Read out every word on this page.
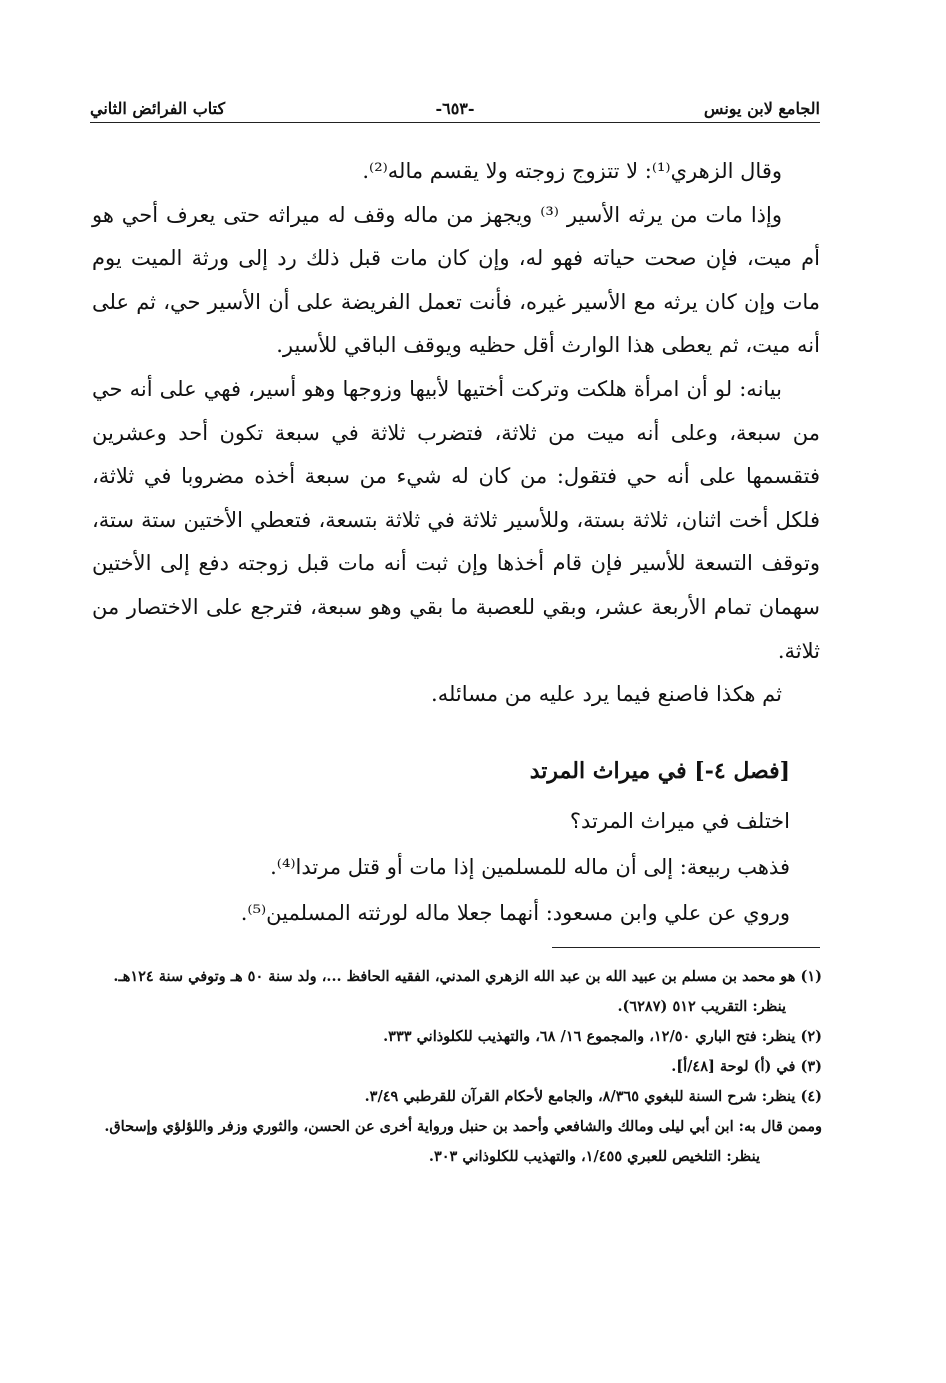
الجامع لابن يونس
-٦٥٣-
كتاب الفرائض الثاني

وقال الزهري⁽¹⁾: لا تتزوج زوجته ولا يقسم ماله⁽²⁾.

وإذا مات من يرثه الأسير ⁽³⁾ ويجهز من ماله وقف له ميراثه حتى يعرف أحي هو أم ميت، فإن صحت حياته فهو له، وإن كان مات قبل ذلك رد إلى ورثة الميت يوم مات وإن كان يرثه مع الأسير غيره، فأنت تعمل الفريضة على أن الأسير حي، ثم على أنه ميت، ثم يعطى هذا الوارث أقل حظيه ويوقف الباقي للأسير.

بيانه: لو أن امرأة هلكت وتركت أختيها لأبيها وزوجها وهو أسير، فهي على أنه حي من سبعة، وعلى أنه ميت من ثلاثة، فتضرب ثلاثة في سبعة تكون أحد وعشرين فتقسمها على أنه حي فتقول: من كان له شيء من سبعة أخذه مضروبا في ثلاثة، فلكل أخت اثنان، ثلاثة بستة، وللأسير ثلاثة في ثلاثة بتسعة، فتعطي الأختين ستة ستة، وتوقف التسعة للأسير فإن قام أخذها وإن ثبت أنه مات قبل زوجته دفع إلى الأختين سهمان تمام الأربعة عشر، وبقي للعصبة ما بقي وهو سبعة، فترجع على الاختصار من ثلاثة.

ثم هكذا فاصنع فيما يرد عليه من مسائله.

[فصل ٤-] في ميراث المرتد

اختلف في ميراث المرتد؟

فذهب ربيعة: إلى أن ماله للمسلمين إذا مات أو قتل مرتدا⁽⁴⁾.

وروي عن علي وابن مسعود: أنهما جعلا ماله لورثته المسلمين⁽⁵⁾.

(١) هو محمد بن مسلم بن عبيد الله بن عبد الله الزهري المدني، الفقيه الحافظ ...، ولد سنة ٥٠ هـ وتوفي سنة ١٢٤هـ.

ينظر: التقريب ٥١٢ (٦٢٨٧).

(٢) ينظر: فتح الباري ١٢/٥٠، والمجموع ١٦/ ٦٨، والتهذيب للكلوذاني ٣٣٣.

(٣) في (أ) لوحة [٤٨/أ].

(٤) ينظر: شرح السنة للبغوي ٨/٣٦٥، والجامع لأحكام القرآن للقرطبي ٣/٤٩.

وممن قال به: ابن أبي ليلى ومالك والشافعي وأحمد بن حنبل ورواية أخرى عن الحسن، والثوري وزفر واللؤلؤي وإسحاق.

ينظر: التلخيص للعبري ١/٤٥٥، والتهذيب للكلوذاني ٣٠٣.
